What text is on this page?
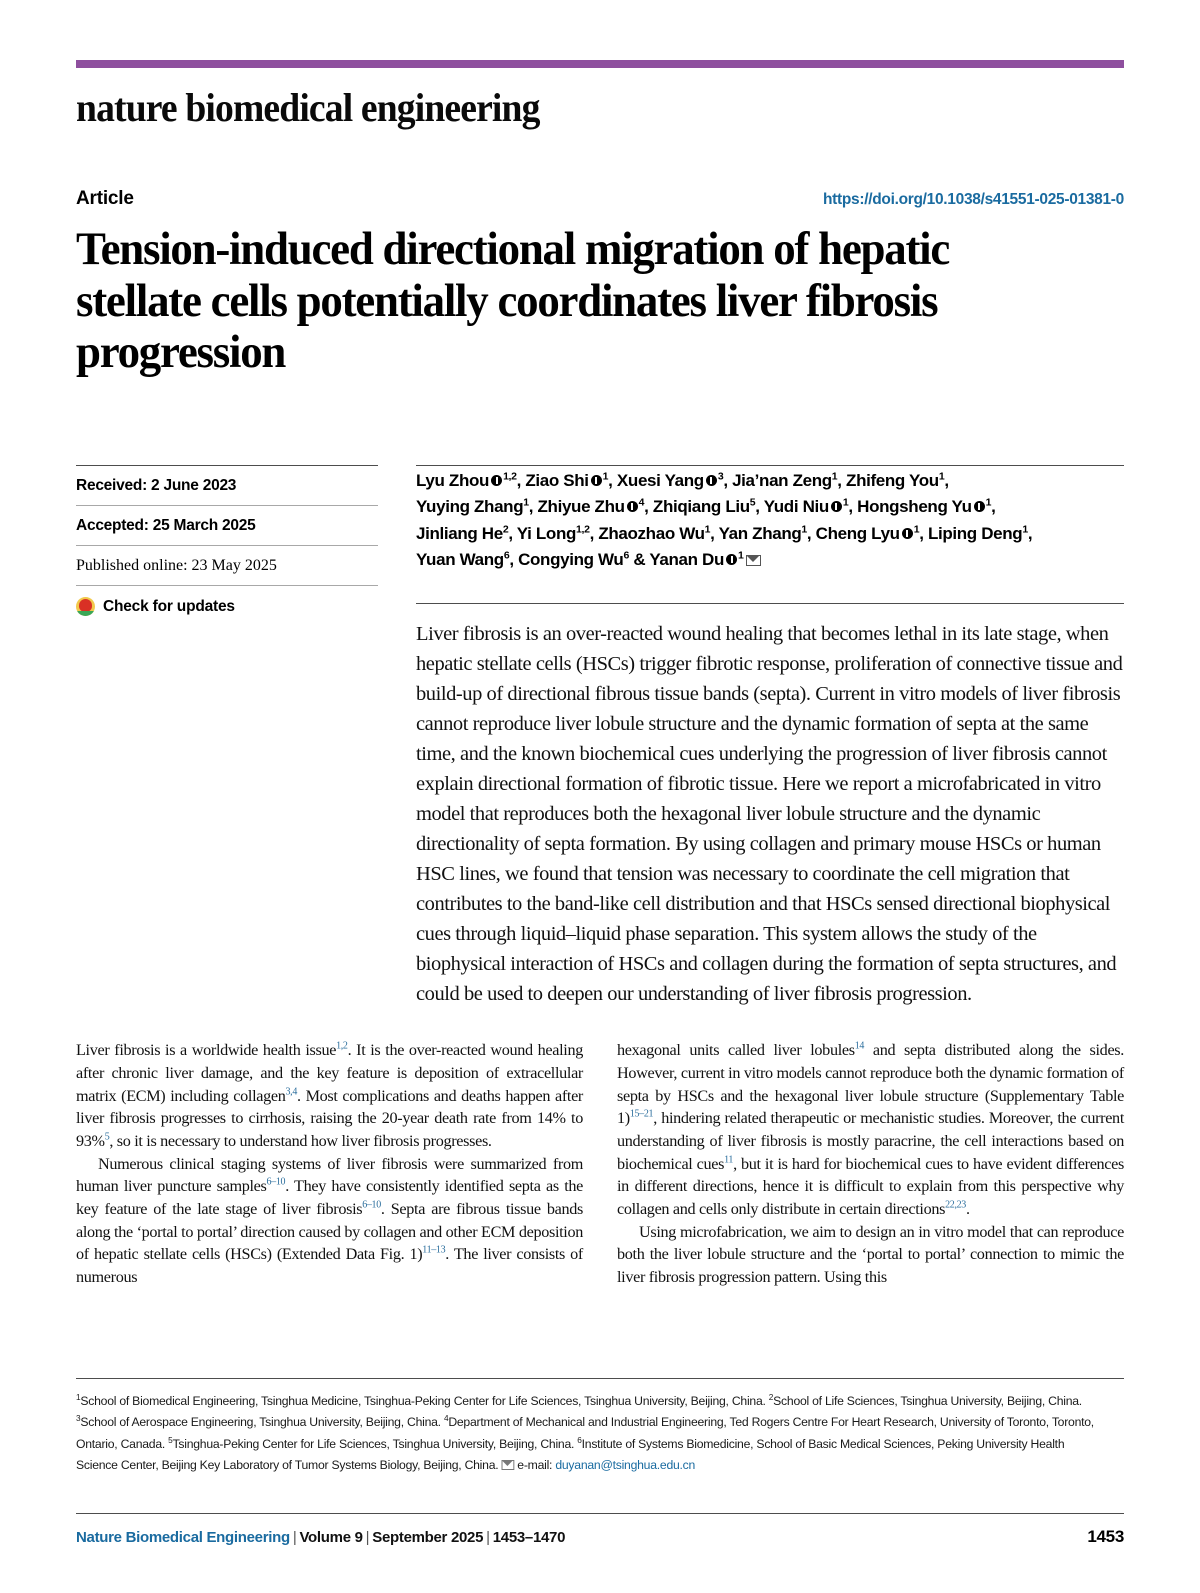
nature biomedical engineering
Article	https://doi.org/10.1038/s41551-025-01381-0
Tension-induced directional migration of hepatic stellate cells potentially coordinates liver fibrosis progression
Received: 2 June 2023
Accepted: 25 March 2025
Published online: 23 May 2025
Check for updates
Lyu Zhou $^{1,2}$, Ziao Shi $^1$, Xuesi Yang $^3$, Jia’nan Zeng$^1$, Zhifeng You$^1$,
Yuying Zhang$^1$, Zhiyue Zhu $^4$, Zhiqiang Liu$^5$, Yudi Niu $^1$, Hongsheng Yu $^1$,
Jinliang He$^2$, Yi Long$^{1,2}$, Zhaozhao Wu$^1$, Yan Zhang$^1$, Cheng Lyu $^1$, Liping Deng$^1$,
Yuan Wang$^6$, Congying Wu$^6$ & Yanan Du $^1$
Liver fibrosis is an over-reacted wound healing that becomes lethal in its late stage, when hepatic stellate cells (HSCs) trigger fibrotic response, proliferation of connective tissue and build-up of directional fibrous tissue bands (septa). Current in vitro models of liver fibrosis cannot reproduce liver lobule structure and the dynamic formation of septa at the same time, and the known biochemical cues underlying the progression of liver fibrosis cannot explain directional formation of fibrotic tissue. Here we report a microfabricated in vitro model that reproduces both the hexagonal liver lobule structure and the dynamic directionality of septa formation. By using collagen and primary mouse HSCs or human HSC lines, we found that tension was necessary to coordinate the cell migration that contributes to the band-like cell distribution and that HSCs sensed directional biophysical cues through liquid–liquid phase separation. This system allows the study of the biophysical interaction of HSCs and collagen during the formation of septa structures, and could be used to deepen our understanding of liver fibrosis progression.

Liver fibrosis is a worldwide health issue$^{1,2}$. It is the over-reacted wound healing after chronic liver damage, and the key feature is deposition of extracellular matrix (ECM) including collagen$^{3,4}$. Most complications and deaths happen after liver fibrosis progresses to cirrhosis, raising the 20-year death rate from 14% to 93%$^5$, so it is necessary to understand how liver fibrosis progresses.

Numerous clinical staging systems of liver fibrosis were summarized from human liver puncture samples$^{6-10}$. They have consistently identified septa as the key feature of the late stage of liver fibrosis$^{6-10}$. Septa are fibrous tissue bands along the ‘portal to portal’ direction caused by collagen and other ECM deposition of hepatic stellate cells (HSCs) (Extended Data Fig. 1)$^{11-13}$. The liver consists of numerous

hexagonal units called liver lobules$^{14}$ and septa distributed along the sides. However, current in vitro models cannot reproduce both the dynamic formation of septa by HSCs and the hexagonal liver lobule structure (Supplementary Table 1)$^{15-21}$, hindering related therapeutic or mechanistic studies. Moreover, the current understanding of liver fibrosis is mostly paracrine, the cell interactions based on biochemical cues$^{11}$, but it is hard for biochemical cues to have evident differences in different directions, hence it is difficult to explain from this perspective why collagen and cells only distribute in certain directions$^{22,23}$.

Using microfabrication, we aim to design an in vitro model that can reproduce both the liver lobule structure and the ‘portal to portal’ connection to mimic the liver fibrosis progression pattern. Using this

$^1$School of Biomedical Engineering, Tsinghua Medicine, Tsinghua-Peking Center for Life Sciences, Tsinghua University, Beijing, China. $^2$School of Life Sciences, Tsinghua University, Beijing, China. $^3$School of Aerospace Engineering, Tsinghua University, Beijing, China. $^4$Department of Mechanical and Industrial Engineering, Ted Rogers Centre For Heart Research, University of Toronto, Toronto, Ontario, Canada. $^5$Tsinghua-Peking Center for Life Sciences, Tsinghua University, Beijing, China. $^6$Institute of Systems Biomedicine, School of Basic Medical Sciences, Peking University Health Science Center, Beijing Key Laboratory of Tumor Systems Biology, Beijing, China. e-mail: duyanan@tsinghua.edu.cn
Nature Biomedical Engineering | Volume 9 | September 2025 | 1453–1470	1453
